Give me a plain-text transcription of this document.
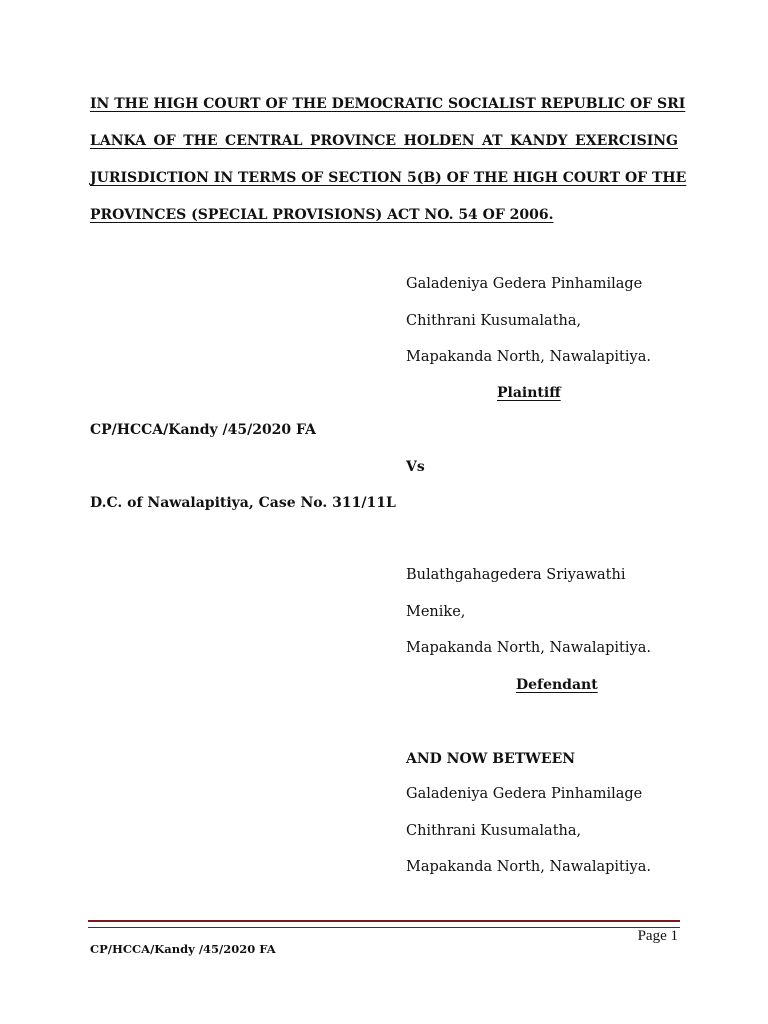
IN THE HIGH COURT OF THE DEMOCRATIC SOCIALIST REPUBLIC OF SRI
LANKA OF THE CENTRAL PROVINCE HOLDEN AT KANDY EXERCISING
JURISDICTION IN TERMS OF SECTION 5(B) OF THE HIGH COURT OF THE
PROVINCES (SPECIAL PROVISIONS) ACT NO. 54 OF 2006.
Galadeniya Gedera Pinhamilage
Chithrani Kusumalatha,
Mapakanda North, Nawalapitiya.
Plaintiff
CP/HCCA/Kandy /45/2020 FA
Vs
D.C. of Nawalapitiya, Case No. 311/11L
Bulathgahagedera Sriyawathi
Menike,
Mapakanda North, Nawalapitiya.
Defendant
AND NOW BETWEEN
Galadeniya Gedera Pinhamilage
Chithrani Kusumalatha,
Mapakanda North, Nawalapitiya.
Page 1
CP/HCCA/Kandy /45/2020 FA
